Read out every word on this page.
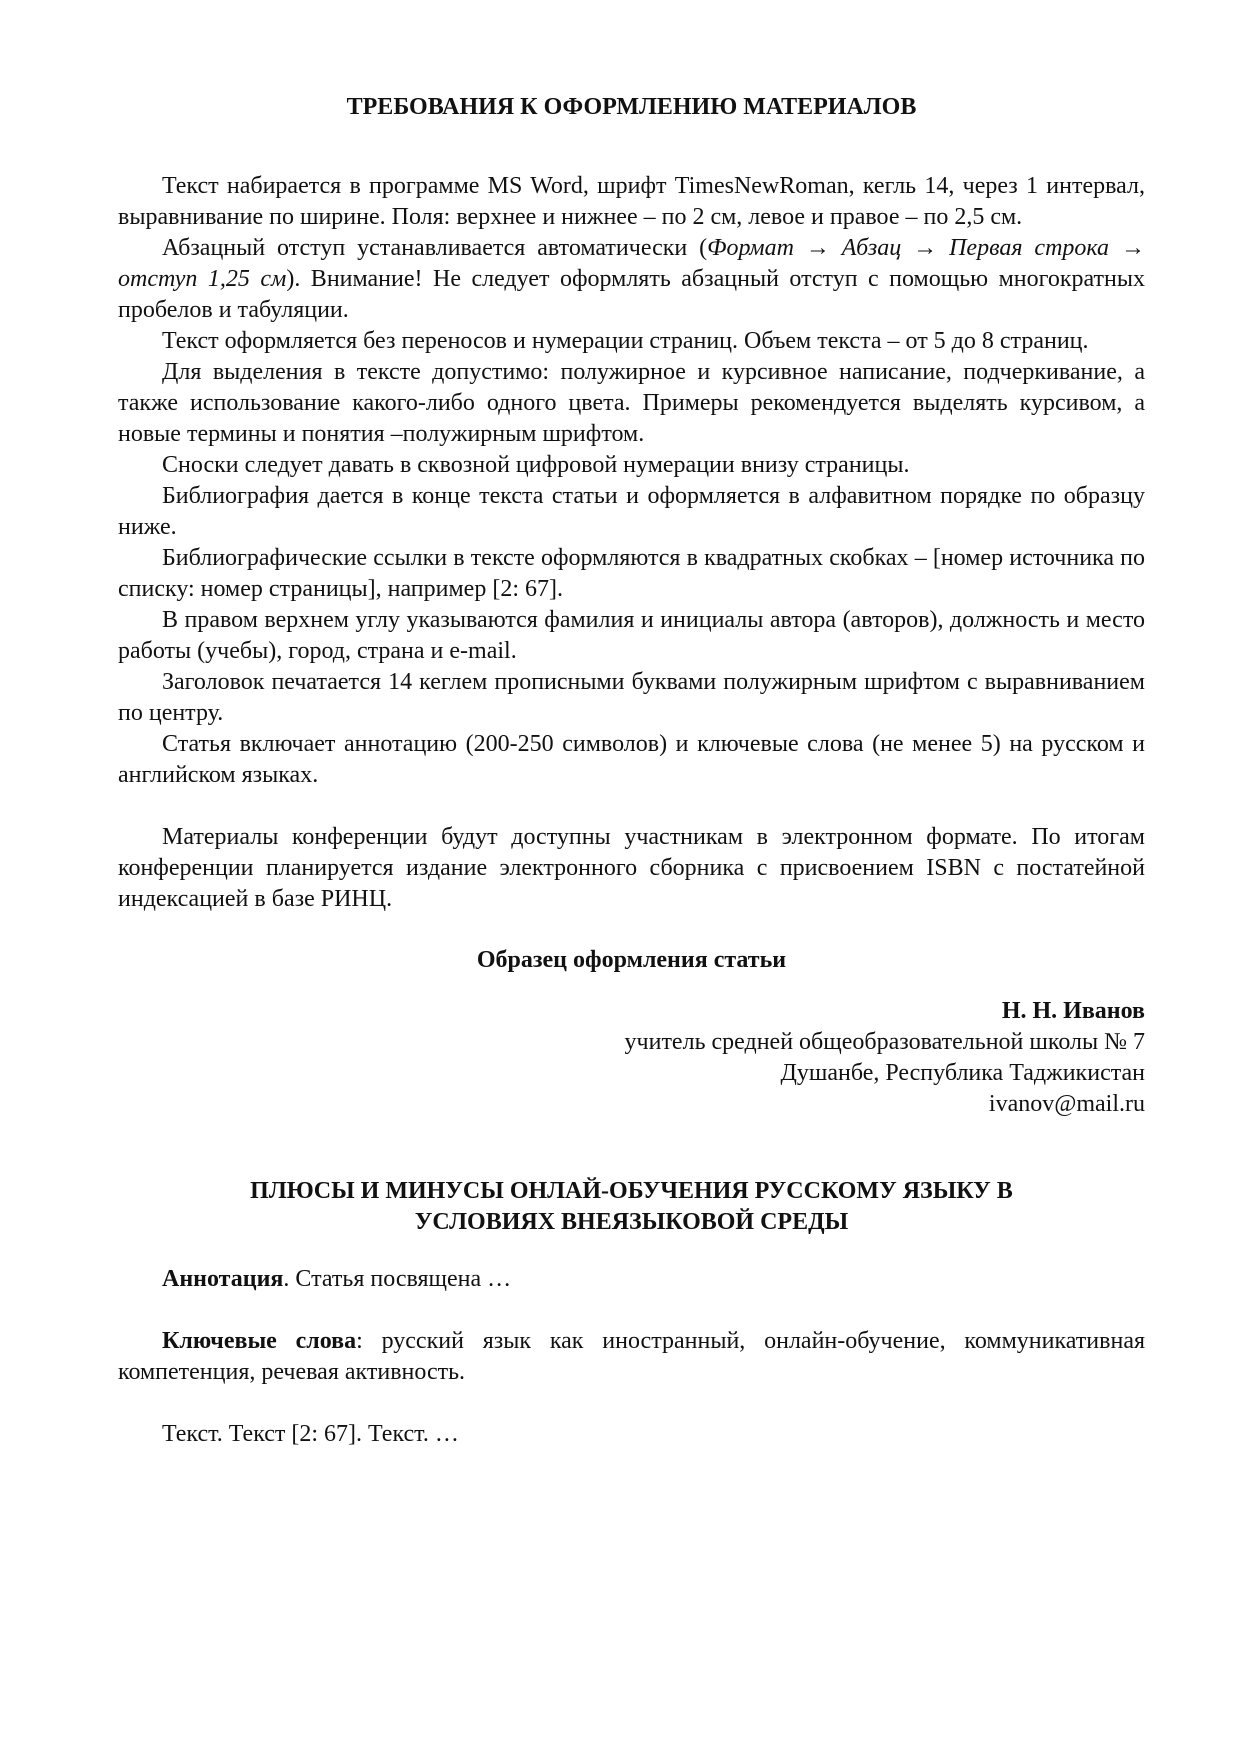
ТРЕБОВАНИЯ К ОФОРМЛЕНИЮ МАТЕРИАЛОВ

Текст набирается в программе MS Word, шрифт TimesNewRoman, кегль 14, через 1 интервал, выравнивание по ширине. Поля: верхнее и нижнее – по 2 см, левое и правое – по 2,5 см.

Абзацный отступ устанавливается автоматически (Формат → Абзац → Первая строка → отступ 1,25 см). Внимание! Не следует оформлять абзацный отступ с помощью многократных пробелов и табуляции.

Текст оформляется без переносов и нумерации страниц. Объем текста – от 5 до 8 страниц.

Для выделения в тексте допустимо: полужирное и курсивное написание, подчеркивание, а также использование какого-либо одного цвета. Примеры рекомендуется выделять курсивом, а новые термины и понятия –полужирным шрифтом.

Сноски следует давать в сквозной цифровой нумерации внизу страницы.

Библиография дается в конце текста статьи и оформляется в алфавитном порядке по образцу ниже.

Библиографические ссылки в тексте оформляются в квадратных скобках – [номер источника по списку: номер страницы], например [2: 67].

В правом верхнем углу указываются фамилия и инициалы автора (авторов), должность и место работы (учебы), город, страна и e-mail.

Заголовок печатается 14 кеглем прописными буквами полужирным шрифтом с выравниванием по центру.

Статья включает аннотацию (200-250 символов) и ключевые слова (не менее 5) на русском и английском языках.

Материалы конференции будут доступны участникам в электронном формате. По итогам конференции планируется издание электронного сборника с присвоением ISBN с постатейной индексацией в базе РИНЦ.

Образец оформления статьи

Н. Н. Иванов
учитель средней общеобразовательной школы № 7
Душанбе, Республика Таджикистан
ivanov@mail.ru

ПЛЮСЫ И МИНУСЫ ОНЛАЙ-ОБУЧЕНИЯ РУССКОМУ ЯЗЫКУ В
УСЛОВИЯХ ВНЕЯЗЫКОВОЙ СРЕДЫ

Аннотация. Статья посвящена …

Ключевые слова: русский язык как иностранный, онлайн-обучение, коммуникативная компетенция, речевая активность.

Текст. Текст [2: 67]. Текст. …
